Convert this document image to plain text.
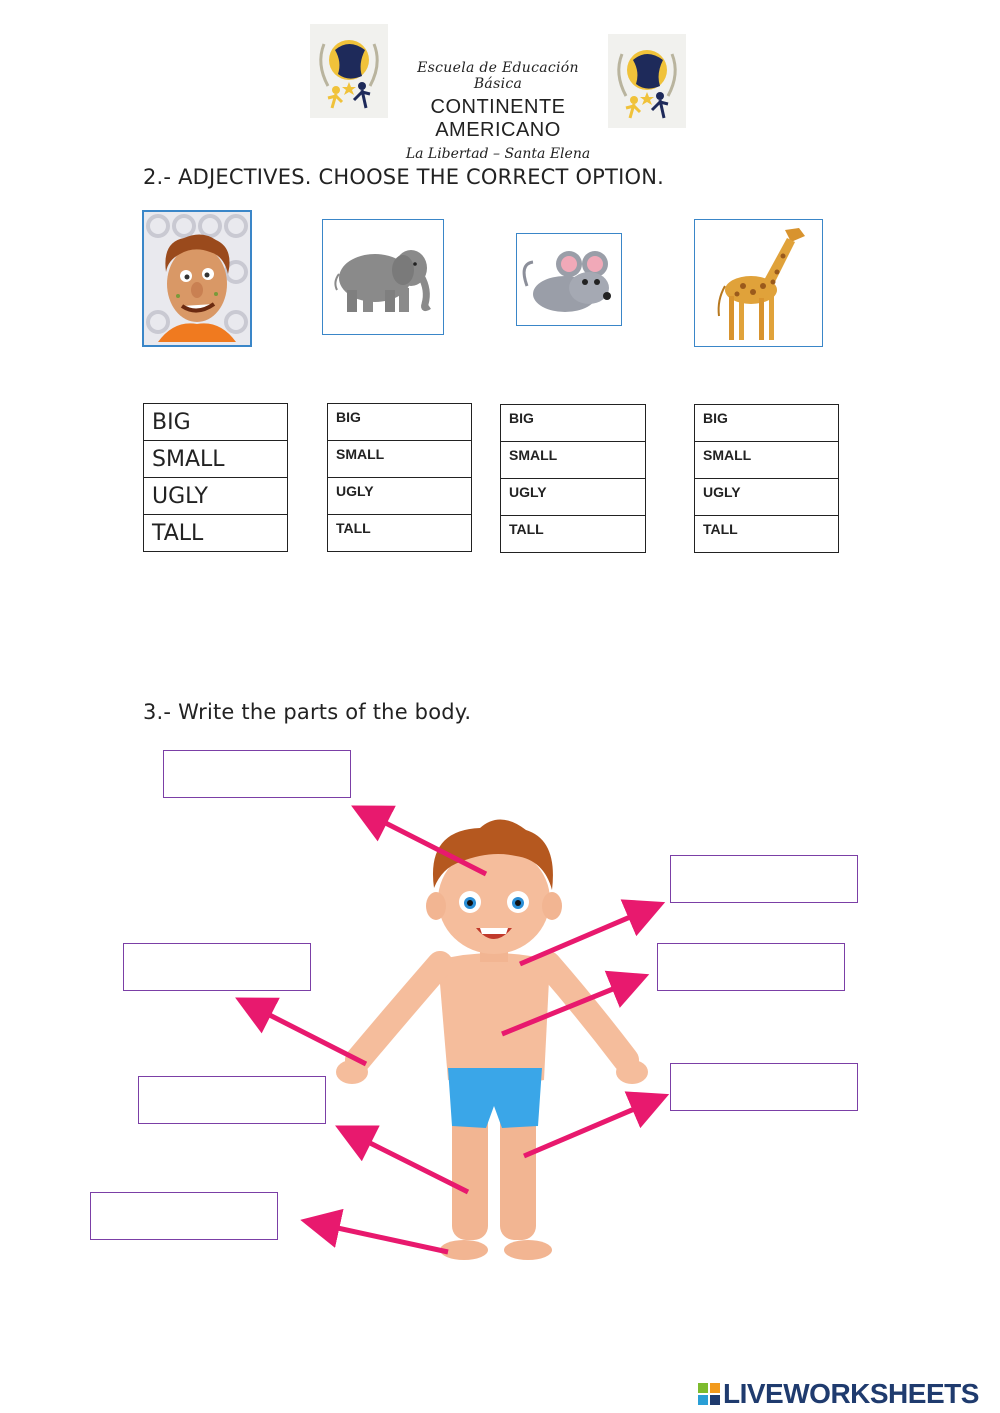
Escuela de Educación Básica
CONTINENTE AMERICANO
La Libertad – Santa Elena
2.- ADJECTIVES. CHOOSE THE CORRECT OPTION.
BIG
SMALL
UGLY
TALL
BIG
SMALL
UGLY
TALL
BIG
SMALL
UGLY
TALL
BIG
SMALL
UGLY
TALL
3.- Write the parts of the body.
LIVEWORKSHEETS
